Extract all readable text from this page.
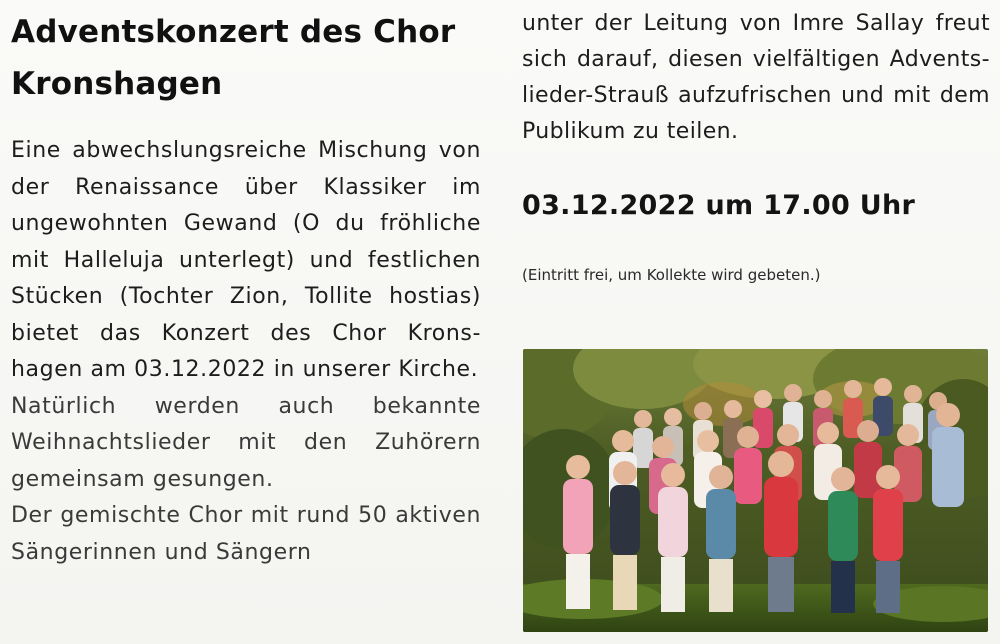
Adventskonzert des Chor Kronshagen

Eine abwechslungsreiche Mischung von der Renaissance über Klassiker im ungewohnten Gewand (O du fröhliche mit Halleluja unterlegt) und festlichen Stücken (Tochter Zion, Tollite hostias) bietet das Konzert des Chor Krons-hagen am 03.12.2022 in unserer Kirche.

Natürlich werden auch bekannte Weihnachtslieder mit den Zuhörern gemeinsam gesungen.

Der gemischte Chor mit rund 50 aktiven Sängerinnen und Sängern

unter der Leitung von Imre Sallay freut sich darauf, diesen vielfältigen Advents-lieder-Strauß aufzufrischen und mit dem Publikum zu teilen.

03.12.2022 um 17.00 Uhr

(Eintritt frei, um Kollekte wird gebeten.)
